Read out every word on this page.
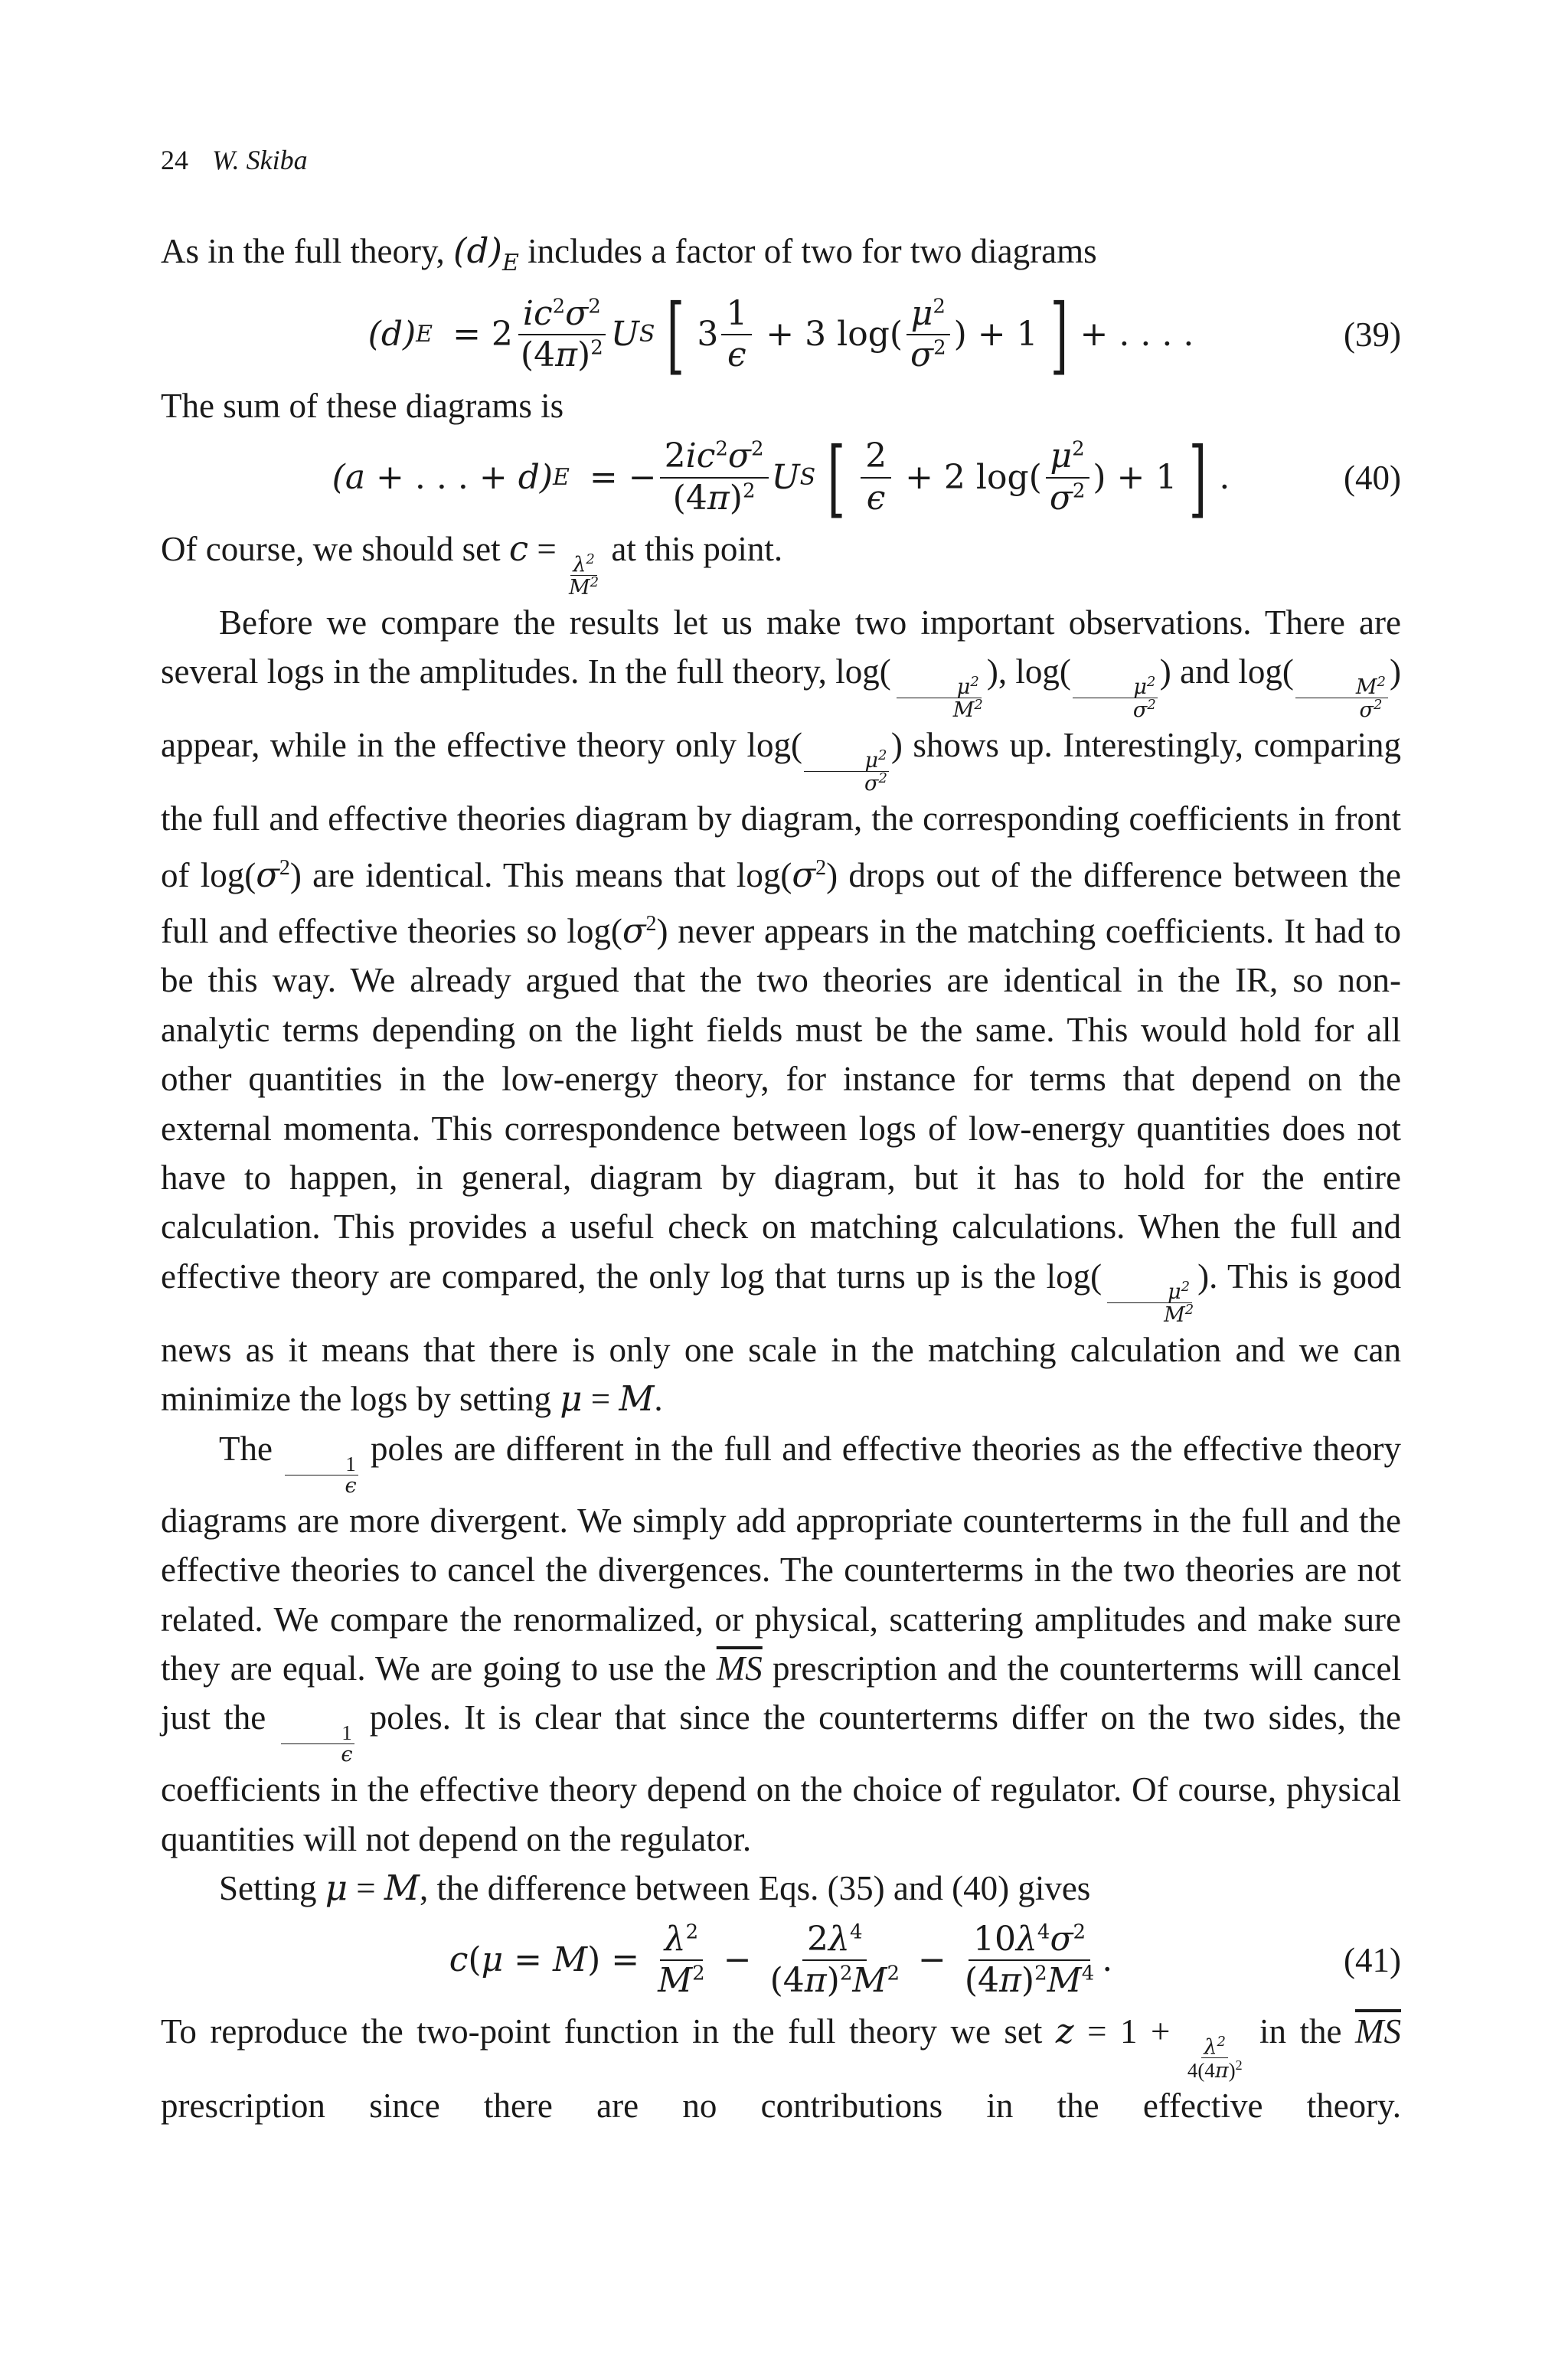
24 W. Skiba

As in the full theory, $(d)_E$ includes a factor of two for two diagrams

(d) $E = 2 \frac{ic^2\sigma^2}{(4\pi)^2}$ U S [ $3 \frac{1}{\epsilon} + 3$ $\log( \frac{\mu^2}{\sigma^2}$ ) + 1 ] + . . . .	(39)

The sum of these diagrams is

(a + . . . + d) E = − $\frac{2ic^2\sigma^2}{(4\pi)^2}$ U S [ $\frac{2}{\epsilon} + 2$ $\log( \frac{\mu^2}{\sigma^2}$ ) + 1 ] .	(40)

Of course, we should set c =
$\frac{\lambda^2}{M^2}$
at this point.

Before we compare the results let us make two important observations. There are several logs in the amplitudes. In the full theory, log(
$\frac{\mu^2}{M^2}$
), log(
$\frac{\mu^2}{\sigma^2}$
) and log(
$\frac{M^2}{\sigma^2}$
) appear, while in the effective theory only log(
$\frac{\mu^2}{\sigma^2}$
) shows up. Interestingly, comparing the full and effective theories diagram by diagram, the corresponding coefficients in front of $\log(\sigma^2)$ are identical. This means that $\log(\sigma^2)$ drops out of the difference between the full and effective theories so $\log(\sigma^2)$ never appears in the matching coefficients. It had to be this way. We already argued that the two theories are identical in the IR, so non-analytic terms depending on the light fields must be the same. This would hold for all other quantities in the low-energy theory, for instance for terms that depend on the external momenta. This correspondence between logs of low-energy quantities does not have to happen, in general, diagram by diagram, but it has to hold for the entire calculation. This provides a useful check on matching calculations. When the full and effective theory are compared, the only log that turns up is the log(
$\frac{\mu^2}{M^2}$
). This is good news as it means that there is only one scale in the matching calculation and we can minimize the logs by setting μ = M.

The
$\frac{1}{\epsilon}$
poles are different in the full and effective theories as the effective theory diagrams are more divergent. We simply add appropriate counterterms in the full and the effective theories to cancel the divergences. The counterterms in the two theories are not related. We compare the renormalized, or physical, scattering amplitudes and make sure they are equal. We are going to use the $\overline{MS}$ prescription and the counterterms will cancel just the
$\frac{1}{\epsilon}$
poles. It is clear that since the counterterms differ on the two sides, the coefficients in the effective theory depend on the choice of regulator. Of course, physical quantities will not depend on the regulator.

Setting μ = M, the difference between Eqs. (35) and (40) gives

c ( μ = M ) = $\frac{\lambda^2}{M^2} - \frac{2\lambda^4}{(4\pi)^2M^2} - \frac{10\lambda^4\sigma^2}{(4\pi)^2M^4}$ .	(41)

To reproduce the two-point function in the full theory we set z = 1 +
$\frac{\lambda^2}{4(4\pi)^2}$
in the $\overline{MS}$ prescription since there are no contributions in the effective theory.
